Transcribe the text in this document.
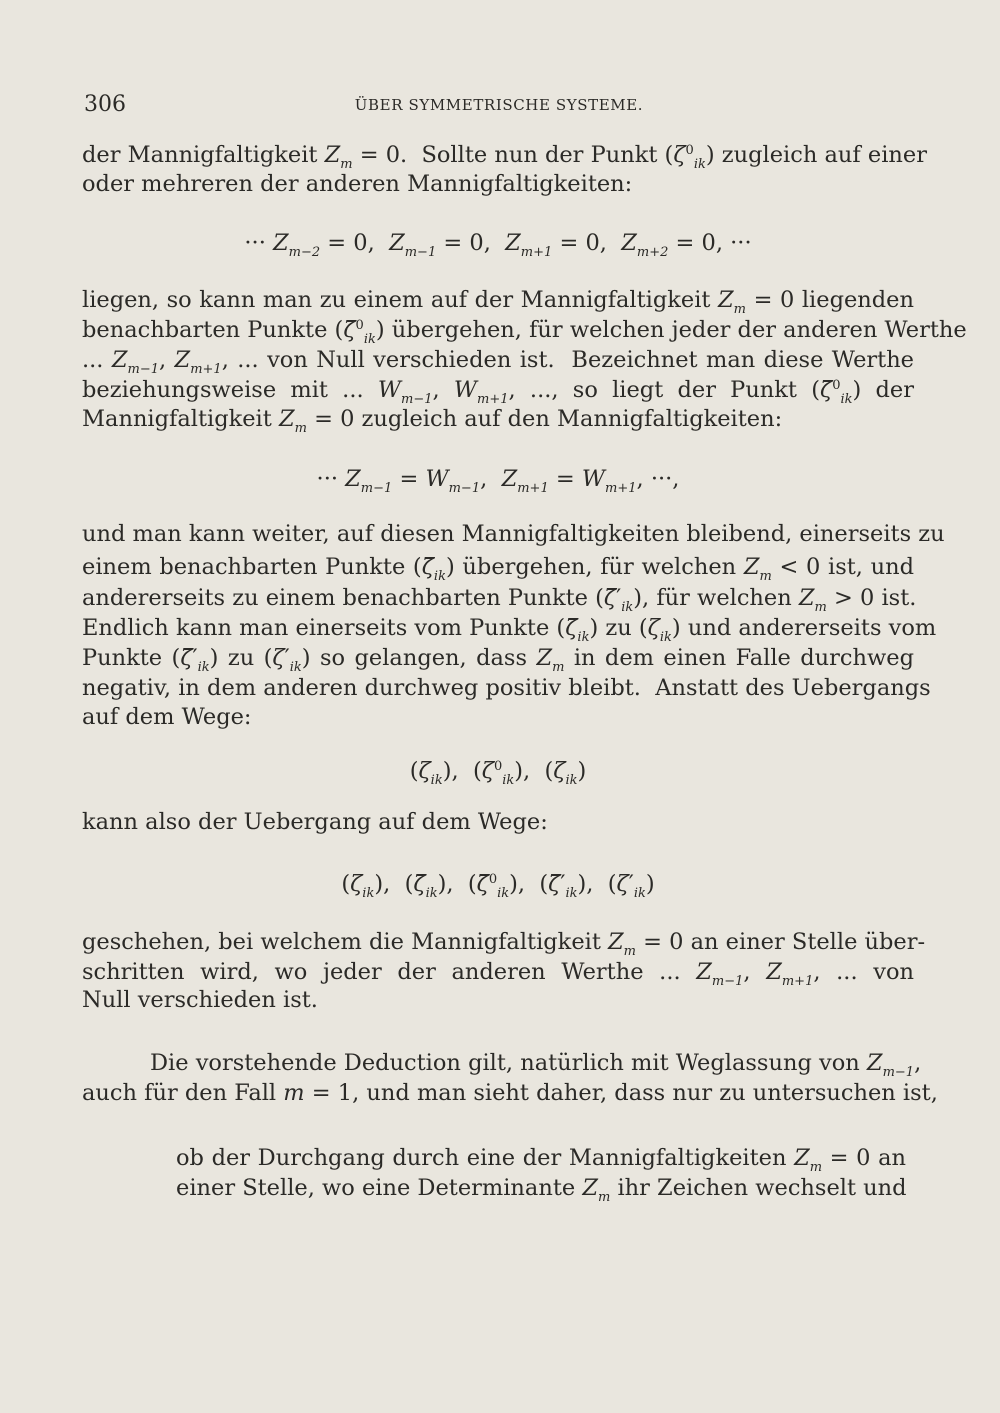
306	ÜBER SYMMETRISCHE SYSTEME.
der Mannigfaltigkeit $Z_m = 0$.  Sollte nun der Punkt $(\zeta^0_{ik})$ zugleich auf einer
oder mehreren der anderen Mannigfaltigkeiten:
··· $Z_{m-2} = 0$,  $Z_{m-1} = 0$,  $Z_{m+1} = 0$,  $Z_{m+2} = 0$, ···
liegen, so kann man zu einem auf der Mannigfaltigkeit $Z_m = 0$ liegenden
benachbarten Punkte (ζ̄$^0_{ik}$) übergehen, für welchen jeder der anderen Werthe
... $Z_{m-1}$, $Z_{m+1}$, ... von Null verschieden ist.  Bezeichnet man diese Werthe
beziehungsweise mit ... $W_{m-1}$, $W_{m+1}$, ..., so liegt der Punkt (ζ̄$^0_{ik}$) der
Mannigfaltigkeit $Z_m = 0$ zugleich auf den Mannigfaltigkeiten:
··· $Z_{m-1} = W_{m-1}$,  $Z_{m+1} = W_{m+1}$, ···,
und man kann weiter, auf diesen Mannigfaltigkeiten bleibend, einerseits zu
einem benachbarten Punkte $(\zetā_{ik})$ übergehen, für welchen $Z_m < 0$ ist, und
andererseits zu einem benachbarten Punkte $(\zetā'_{ik})$, für welchen $Z_m > 0$ ist.
Endlich kann man einerseits vom Punkte $(\zetā_{ik})$ zu $(\zeta_{ik})$ und andererseits vom
Punkte $(\zetā'_{ik})$ zu $(\zeta'_{ik})$ so gelangen, dass $Z_m$ in dem einen Falle durchweg
negativ, in dem anderen durchweg positiv bleibt.  Anstatt des Uebergangs
auf dem Wege:
$(\zeta_{ik})$,  $(\zeta^0_{ik})$,  $(\zeta_{ik})$
kann also der Uebergang auf dem Wege:
$(\zeta_{ik})$,  $(\zetā_{ik})$,  (ζ̄$^0_{ik}$),  $(\zetā'_{ik})$,  $(\zeta'_{ik})$
geschehen, bei welchem die Mannigfaltigkeit $Z_m = 0$ an einer Stelle über-
schritten wird, wo jeder der anderen Werthe ... $Z_{m-1}$, $Z_{m+1}$, ... von
Null verschieden ist.
Die vorstehende Deduction gilt, natürlich mit Weglassung von $Z_{m-1}$,
auch für den Fall m = 1, und man sieht daher, dass nur zu untersuchen ist,
ob der Durchgang durch eine der Mannigfaltigkeiten $Z_m = 0$ an
einer Stelle, wo eine Determinante $Z_m$ ihr Zeichen wechselt und
